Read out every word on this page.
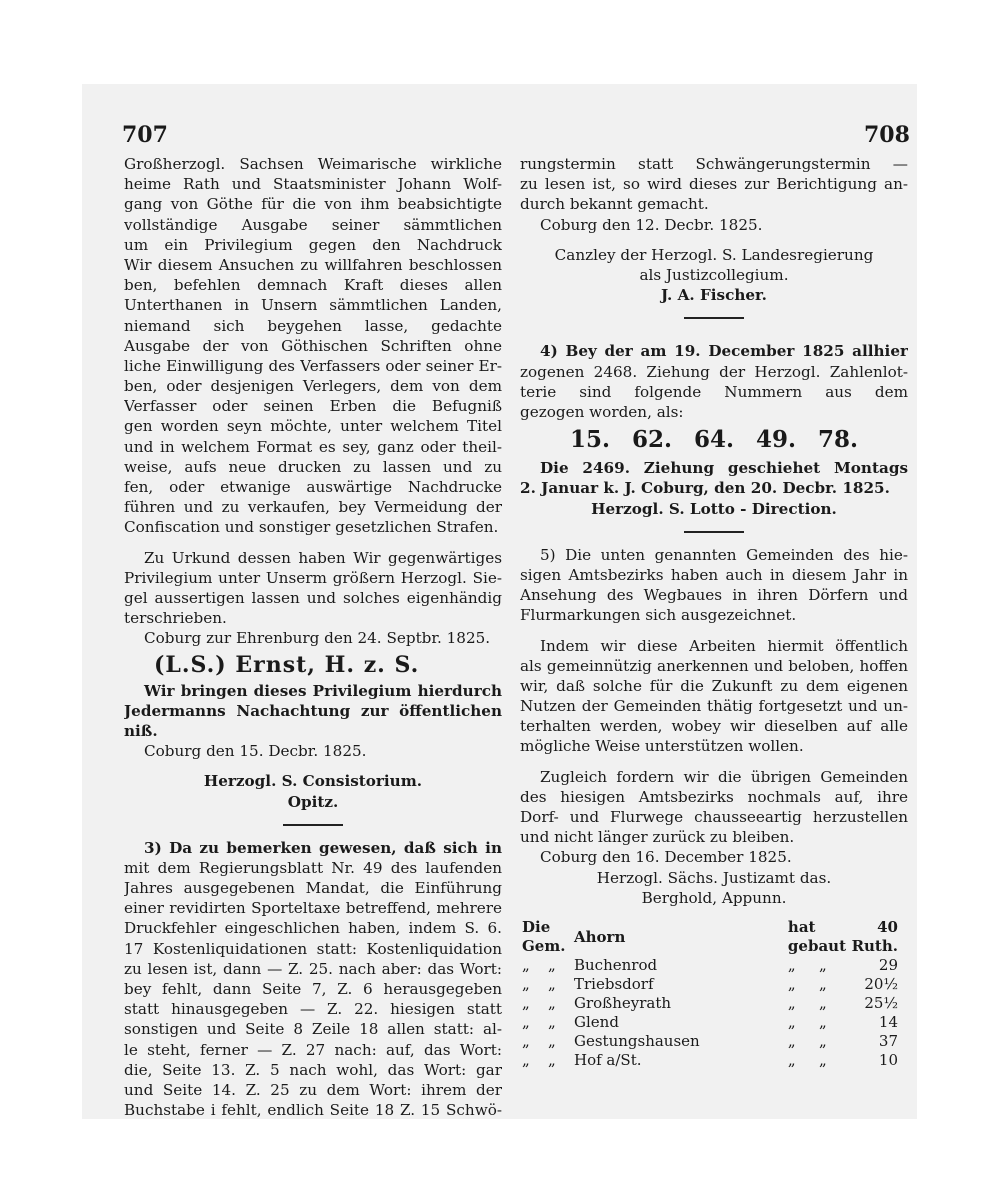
707	708
Großherzogl. Sachsen Weimarische wirkliche
heime Rath und Staatsminister Johann Wolf-
gang von Göthe für die von ihm beabsichtigte
vollständige Ausgabe seiner sämmtlichen
um ein Privilegium gegen den Nachdruck
Wir diesem Ansuchen zu willfahren beschlossen
ben, befehlen demnach Kraft dieses allen
Unterthanen in Unsern sämmtlichen Landen,
niemand sich beygehen lasse, gedachte
Ausgabe der von Göthischen Schriften ohne
liche Einwilligung des Verfassers oder seiner Er-
ben, oder desjenigen Verlegers, dem von dem
Verfasser oder seinen Erben die Befugniß
gen worden seyn möchte, unter welchem Titel
und in welchem Format es sey, ganz oder theil-
weise, aufs neue drucken zu lassen und zu
fen, oder etwanige auswärtige Nachdrucke
führen und zu verkaufen, bey Vermeidung der
Confiscation und sonstiger gesetzlichen Strafen.
Zu Urkund dessen haben Wir gegenwärtiges
Privilegium unter Unserm größern Herzogl. Sie-
gel aussertigen lassen und solches eigenhändig
terschrieben.
Coburg zur Ehrenburg den 24. Septbr. 1825.
(L.S.) Ernst, H. z. S.
Wir bringen dieses Privilegium hierdurch
Jedermanns Nachachtung zur öffentlichen
niß.
Coburg den 15. Decbr. 1825.
Herzogl. S. Consistorium.
Opitz.
3) Da zu bemerken gewesen, daß sich in
mit dem Regierungsblatt Nr. 49 des laufenden
Jahres ausgegebenen Mandat, die Einführung
einer revidirten Sporteltaxe betreffend, mehrere
Druckfehler eingeschlichen haben, indem S. 6.
17 Kostenliquidationen statt: Kostenliquidation
zu lesen ist, dann — Z. 25. nach aber: das Wort:
bey fehlt, dann Seite 7, Z. 6 herausgegeben
statt hinausgegeben — Z. 22. hiesigen statt
sonstigen und Seite 8 Zeile 18 allen statt: al-
le steht, ferner — Z. 27 nach: auf, das Wort:
die, Seite 13. Z. 5 nach wohl, das Wort: gar
und Seite 14. Z. 25 zu dem Wort: ihrem der
Buchstabe i fehlt, endlich Seite 18 Z. 15 Schwö-
rungstermin statt Schwängerungstermin —
zu lesen ist, so wird dieses zur Berichtigung an-
durch bekannt gemacht.
Coburg den 12. Decbr. 1825.
Canzley der Herzogl. S. Landesregierung
als Justizcollegium.
J. A. Fischer.
4) Bey der am 19. December 1825 allhier
zogenen 2468. Ziehung der Herzogl. Zahlenlot-
terie sind folgende Nummern aus dem
gezogen worden, als:
15. 62. 64. 49. 78.
Die 2469. Ziehung geschiehet Montags
2. Januar k. J. Coburg, den 20. Decbr. 1825.
Herzogl. S. Lotto - Direction.
5) Die unten genannten Gemeinden des hie-
sigen Amtsbezirks haben auch in diesem Jahr in
Ansehung des Wegbaues in ihren Dörfern und
Flurmarkungen sich ausgezeichnet.
Indem wir diese Arbeiten hiermit öffentlich
als gemeinnützig anerkennen und beloben, hoffen
wir, daß solche für die Zukunft zu dem eigenen
Nutzen der Gemeinden thätig fortgesetzt und un-
terhalten werden, wobey wir dieselben auf alle
mögliche Weise unterstützen wollen.
Zugleich fordern wir die übrigen Gemeinden
des hiesigen Amtsbezirks nochmals auf, ihre
Dorf- und Flurwege chausseeartig herzustellen
und nicht länger zurück zu bleiben.
Coburg den 16. December 1825.
Herzogl. Sächs. Justizamt das.
Berghold, Appunn.
Die Gem.		Ahorn	hat gebaut		40 Ruth.
„	„	Buchenrod	„	„	29
„	„	Triebsdorf	„	„	20½
„	„	Großheyrath	„	„	25½
„	„	Glend	„	„	14
„	„	Gestungshausen	„	„	37
„	„	Hof a/St.	„	„	10
